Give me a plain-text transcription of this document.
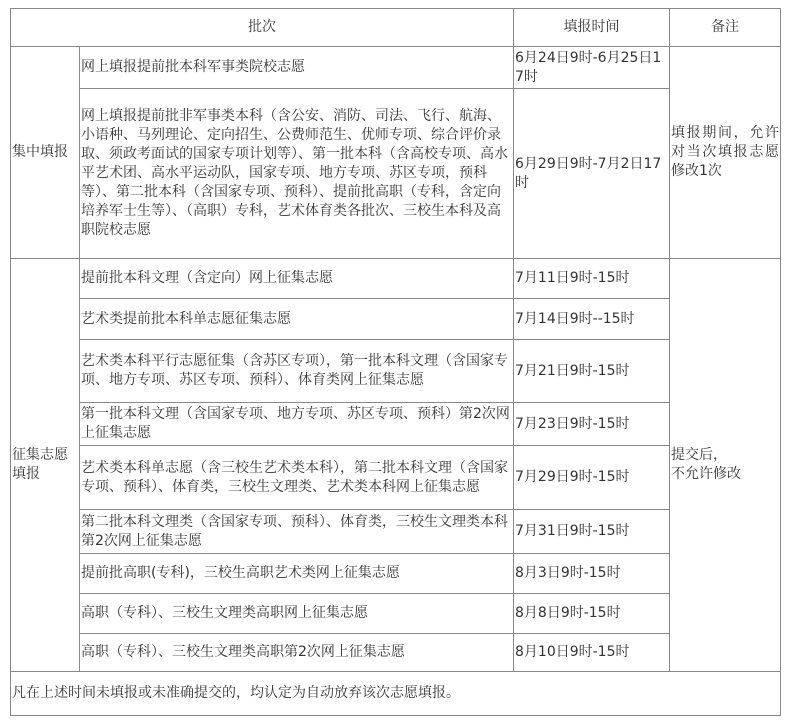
批次		填报时间	备注
集中填报	网上填报提前批本科军事类院校志愿	6月24日9时-6月25日17时	填报期间，允许对当次填报志愿修改1次

	网上填报提前批非军事类本科（含公安、消防、司法、飞行、航海、小语种、马列理论、定向招生、公费师范生、优师专项、综合评价录取、须政考面试的国家专项计划等）、第一批本科（含高校专项、高水平艺术团、高水平运动队，国家专项、地方专项、苏区专项，预科等）、第二批本科（含国家专项、预科）、提前批高职（专科，含定向培养军士生等）、（高职）专科，艺术体育类各批次、三校生本科及高职院校志愿	6月29日9时-7月2日17时	
征集志愿填报	提前批本科文理（含定向）网上征集志愿	7月11日9时-15时	提交后，
不允许修改

	艺术类提前批本科单志愿征集志愿	7月14日9时--15时	
	艺术类本科平行志愿征集（含苏区专项），第一批本科文理（含国家专项、地方专项、苏区专项、预科）、体育类网上征集志愿	7月21日9时-15时	
	第一批本科文理（含国家专项、地方专项、苏区专项、预科）第2次网上征集志愿	7月23日9时-15时	
	艺术类本科单志愿（含三校生艺术类本科），第二批本科文理（含国家专项、预科）、体育类，三校生文理类、艺术类本科网上征集志愿	7月29日9时-15时	
	第二批本科文理类（含国家专项、预科）、体育类，三校生文理类本科第2次网上征集志愿	7月31日9时-15时	
	提前批高职(专科)，三校生高职艺术类网上征集志愿	8月3日9时-15时	
	高职（专科）、三校生文理类高职网上征集志愿	8月8日9时-15时	
	高职（专科）、三校生文理类高职第2次网上征集志愿	8月10日9时-15时	
凡在上述时间未填报或未准确提交的，均认定为自动放弃该次志愿填报。			
